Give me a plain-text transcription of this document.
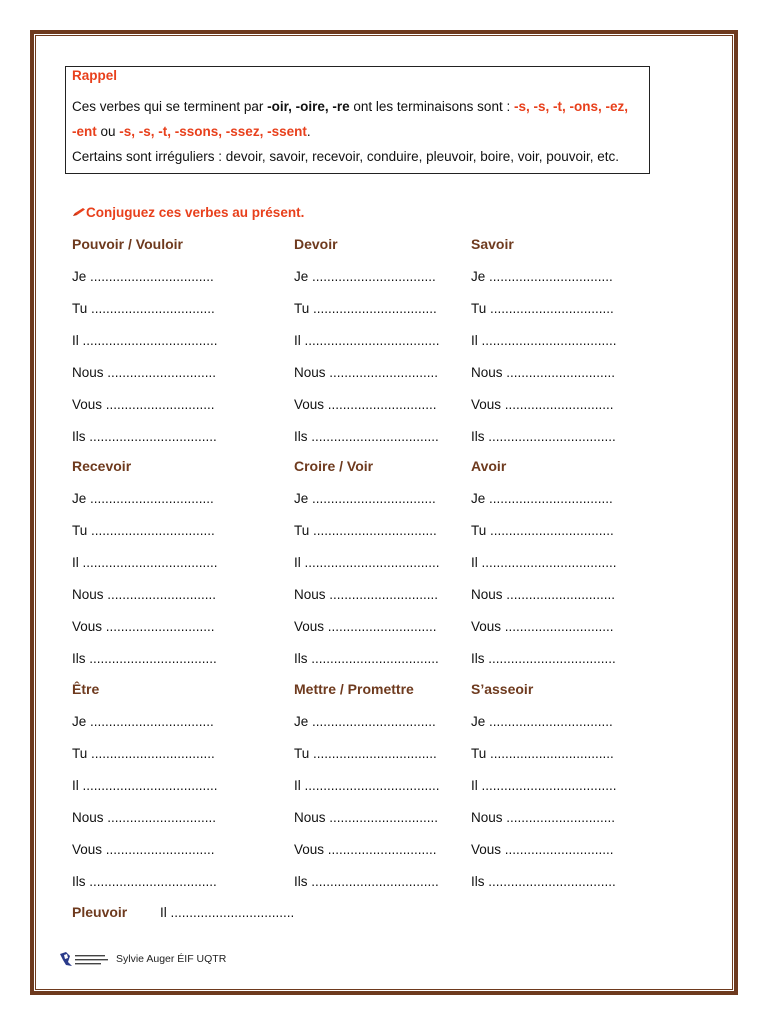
Rappel
Ces verbes qui se terminent par -oir, -oire, -re ont les terminaisons sont : -s, -s, -t, -ons, -ez,
-ent ou -s, -s, -t, -ssons, -ssez, -ssent.
Certains sont irréguliers : devoir, savoir, recevoir, conduire, pleuvoir, boire, voir, pouvoir, etc.
Conjuguez ces verbes au présent.
Pouvoir / Vouloir
Je .................................
Tu .................................
Il ....................................
Nous .............................
Vous .............................
Ils ..................................
Devoir
Je .................................
Tu .................................
Il ....................................
Nous .............................
Vous .............................
Ils ..................................
Savoir
Je .................................
Tu .................................
Il ....................................
Nous .............................
Vous .............................
Ils ..................................
Recevoir
Je .................................
Tu .................................
Il ....................................
Nous .............................
Vous .............................
Ils ..................................
Croire / Voir
Je .................................
Tu .................................
Il ....................................
Nous .............................
Vous .............................
Ils ..................................
Avoir
Je .................................
Tu .................................
Il ....................................
Nous .............................
Vous .............................
Ils ..................................
Être
Je .................................
Tu .................................
Il ....................................
Nous .............................
Vous .............................
Ils ..................................
Mettre / Promettre
Je .................................
Tu .................................
Il ....................................
Nous .............................
Vous .............................
Ils ..................................
S’asseoir
Je .................................
Tu .................................
Il ....................................
Nous .............................
Vous .............................
Ils ..................................
Pleuvoir Il .................................
Sylvie Auger ÉIF UQTR
